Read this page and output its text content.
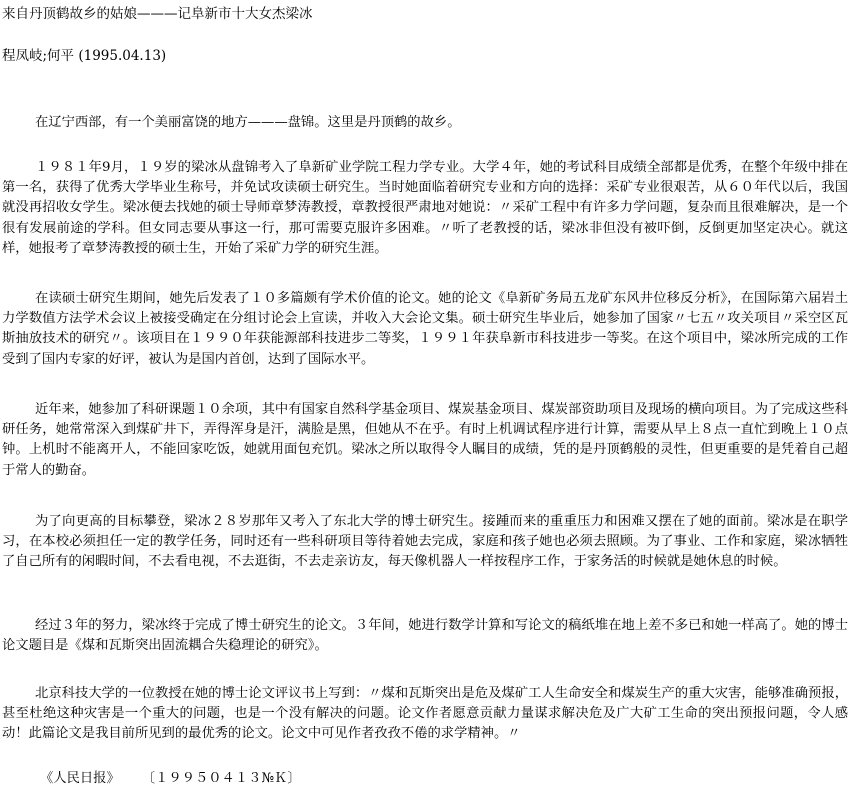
来自丹顶鹤故乡的姑娘———记阜新市十大女杰梁冰
程凤岐;何平 (1995.04.13)

在辽宁西部，有一个美丽富饶的地方———盘锦。这里是丹顶鹤的故乡。

１９８１年9月，１９岁的梁冰从盘锦考入了阜新矿业学院工程力学专业。大学４年，她的考试科目成绩全部都是优秀，在整个年级中排在第一名，获得了优秀大学毕业生称号，并免试攻读硕士研究生。当时她面临着研究专业和方向的选择：采矿专业很艰苦，从６０年代以后，我国就没再招收女学生。梁冰便去找她的硕士导师章梦涛教授，章教授很严肃地对她说：〃采矿工程中有许多力学问题，复杂而且很难解决，是一个很有发展前途的学科。但女同志要从事这一行，那可需要克服许多困难。〃听了老教授的话，梁冰非但没有被吓倒，反倒更加坚定决心。就这样，她报考了章梦涛教授的硕士生，开始了采矿力学的研究生涯。

在读硕士研究生期间，她先后发表了１０多篇颇有学术价值的论文。她的论文《阜新矿务局五龙矿东风井位移反分析》，在国际第六届岩土力学数值方法学术会议上被接受确定在分组讨论会上宣读，并收入大会论文集。硕士研究生毕业后，她参加了国家〃七五〃攻关项目〃采空区瓦斯抽放技术的研究〃。该项目在１９９０年获能源部科技进步二等奖，１９９１年获阜新市科技进步一等奖。在这个项目中，梁冰所完成的工作受到了国内专家的好评，被认为是国内首创，达到了国际水平。

近年来，她参加了科研课题１０余项，其中有国家自然科学基金项目、煤炭基金项目、煤炭部资助项目及现场的横向项目。为了完成这些科研任务，她常常深入到煤矿井下，弄得浑身是汗，满脸是黑，但她从不在乎。有时上机调试程序进行计算，需要从早上８点一直忙到晚上１０点钟。上机时不能离开人，不能回家吃饭，她就用面包充饥。梁冰之所以取得令人瞩目的成绩，凭的是丹顶鹤般的灵性，但更重要的是凭着自己超于常人的勤奋。

为了向更高的目标攀登，梁冰２８岁那年又考入了东北大学的博士研究生。接踵而来的重重压力和困难又摆在了她的面前。梁冰是在职学习，在本校必须担任一定的教学任务，同时还有一些科研项目等待着她去完成，家庭和孩子她也必须去照顾。为了事业、工作和家庭，梁冰牺牲了自己所有的闲暇时间，不去看电视，不去逛街，不去走亲访友，每天像机器人一样按程序工作，于家务活的时候就是她休息的时候。

经过３年的努力，梁冰终于完成了博士研究生的论文。３年间，她进行数学计算和写论文的稿纸堆在地上差不多已和她一样高了。她的博士论文题目是《煤和瓦斯突出固流耦合失稳理论的研究》。

北京科技大学的一位教授在她的博士论文评议书上写到：〃煤和瓦斯突出是危及煤矿工人生命安全和煤炭生产的重大灾害，能够准确预报，甚至杜绝这种灾害是一个重大的问题，也是一个没有解决的问题。论文作者愿意贡献力量谋求解决危及广大矿工生命的突出预报问题，令人感动！此篇论文是我目前所见到的最优秀的论文。论文中可见作者孜孜不倦的求学精神。〃

《人民日报》 〔１９９５０４１３№Ｋ〕
